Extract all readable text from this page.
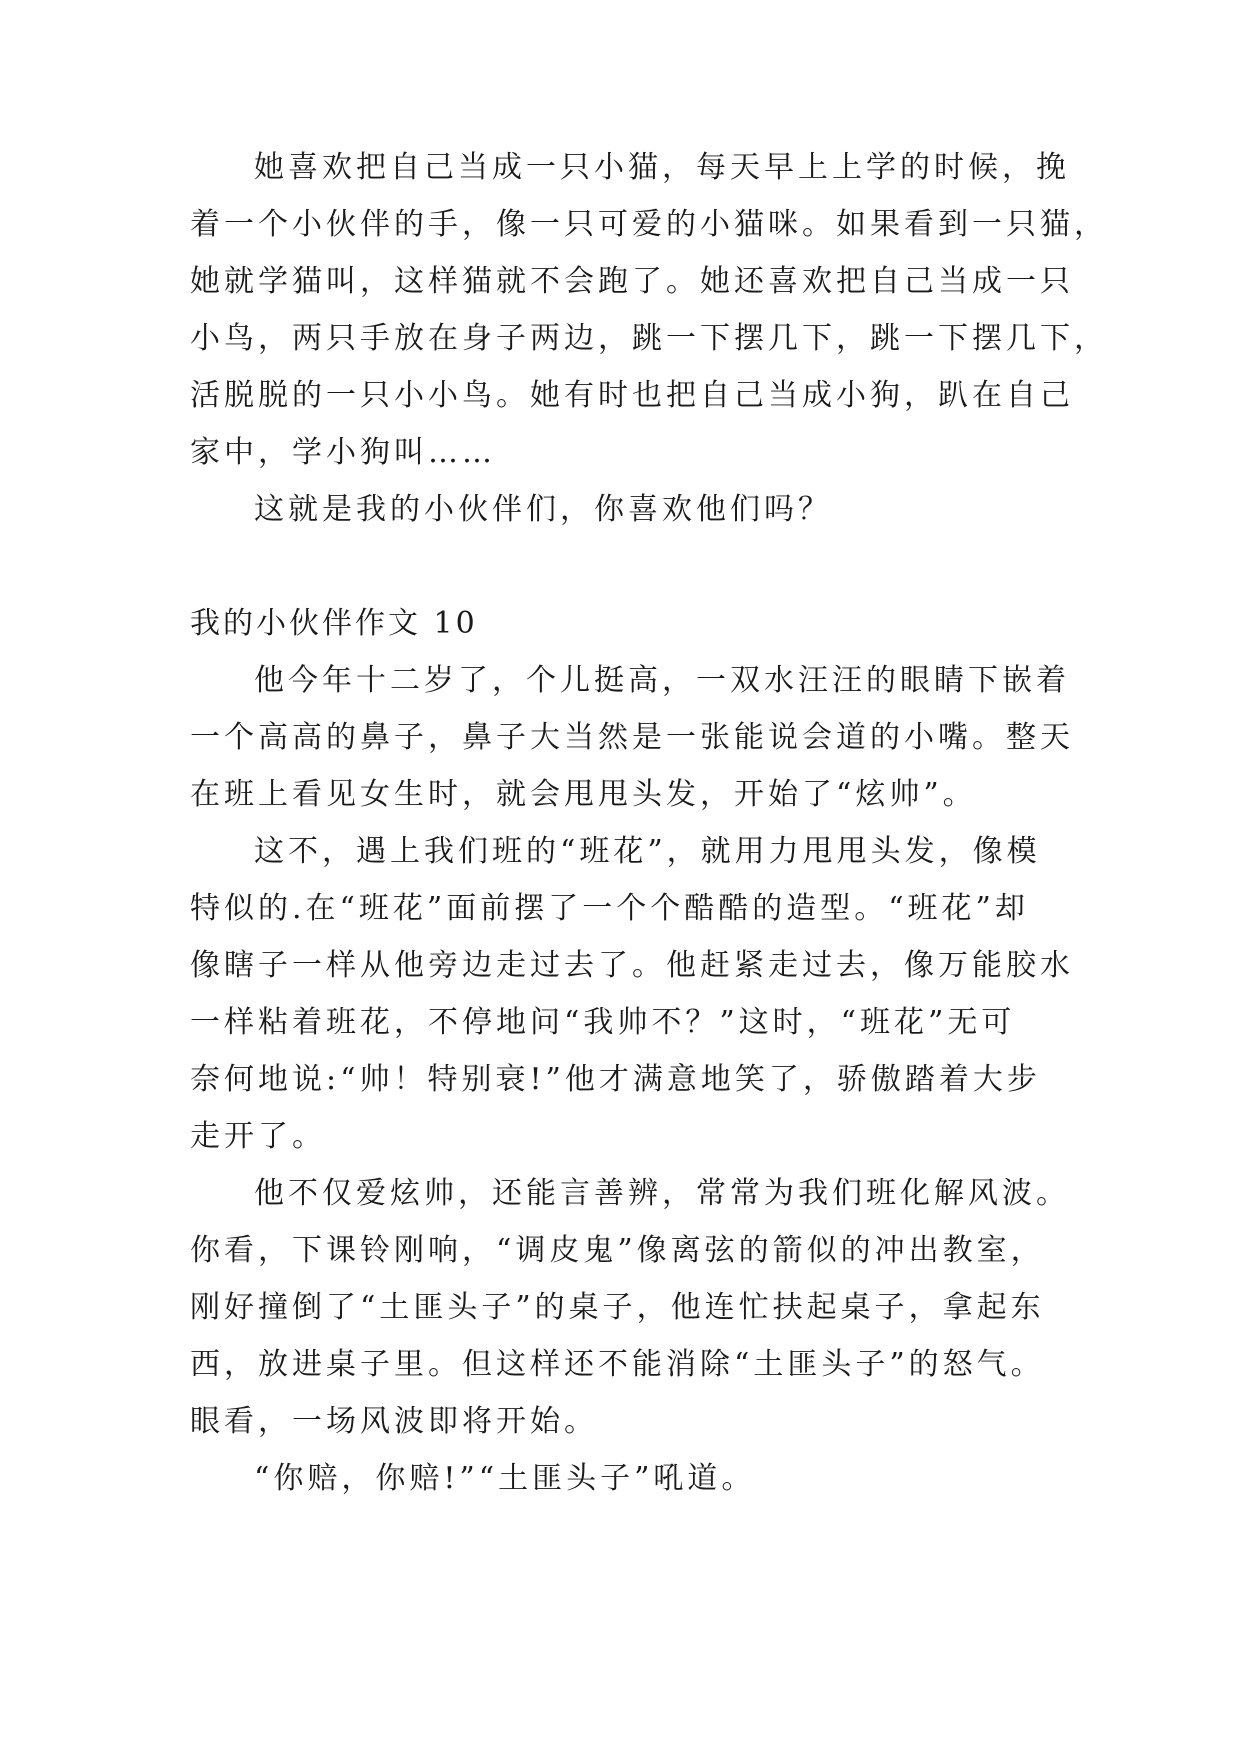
她喜欢把自己当成一只小猫，每天早上上学的时候，挽
着一个小伙伴的手，像一只可爱的小猫咪。如果看到一只猫，
她就学猫叫，这样猫就不会跑了。她还喜欢把自己当成一只
小鸟，两只手放在身子两边，跳一下摆几下，跳一下摆几下，
活脱脱的一只小小鸟。她有时也把自己当成小狗，趴在自己
家中，学小狗叫……
这就是我的小伙伴们，你喜欢他们吗？
我的小伙伴作文 10
他今年十二岁了，个儿挺高，一双水汪汪的眼睛下嵌着
一个高高的鼻子，鼻子大当然是一张能说会道的小嘴。整天
在班上看见女生时，就会甩甩头发，开始了“炫帅”。
这不，遇上我们班的“班花”，就用力甩甩头发，像模
特似的.在“班花”面前摆了一个个酷酷的造型。“班花”却
像瞎子一样从他旁边走过去了。他赶紧走过去，像万能胶水
一样粘着班花，不停地问“我帅不？”这时，“班花”无可
奈何地说:“帅！特别衰!”他才满意地笑了，骄傲踏着大步
走开了。
他不仅爱炫帅，还能言善辨，常常为我们班化解风波。
你看，下课铃刚响，“调皮鬼”像离弦的箭似的冲出教室，
刚好撞倒了“土匪头子”的桌子，他连忙扶起桌子，拿起东
西，放进桌子里。但这样还不能消除“土匪头子”的怒气。
眼看，一场风波即将开始。
“你赔，你赔!”“土匪头子”吼道。
